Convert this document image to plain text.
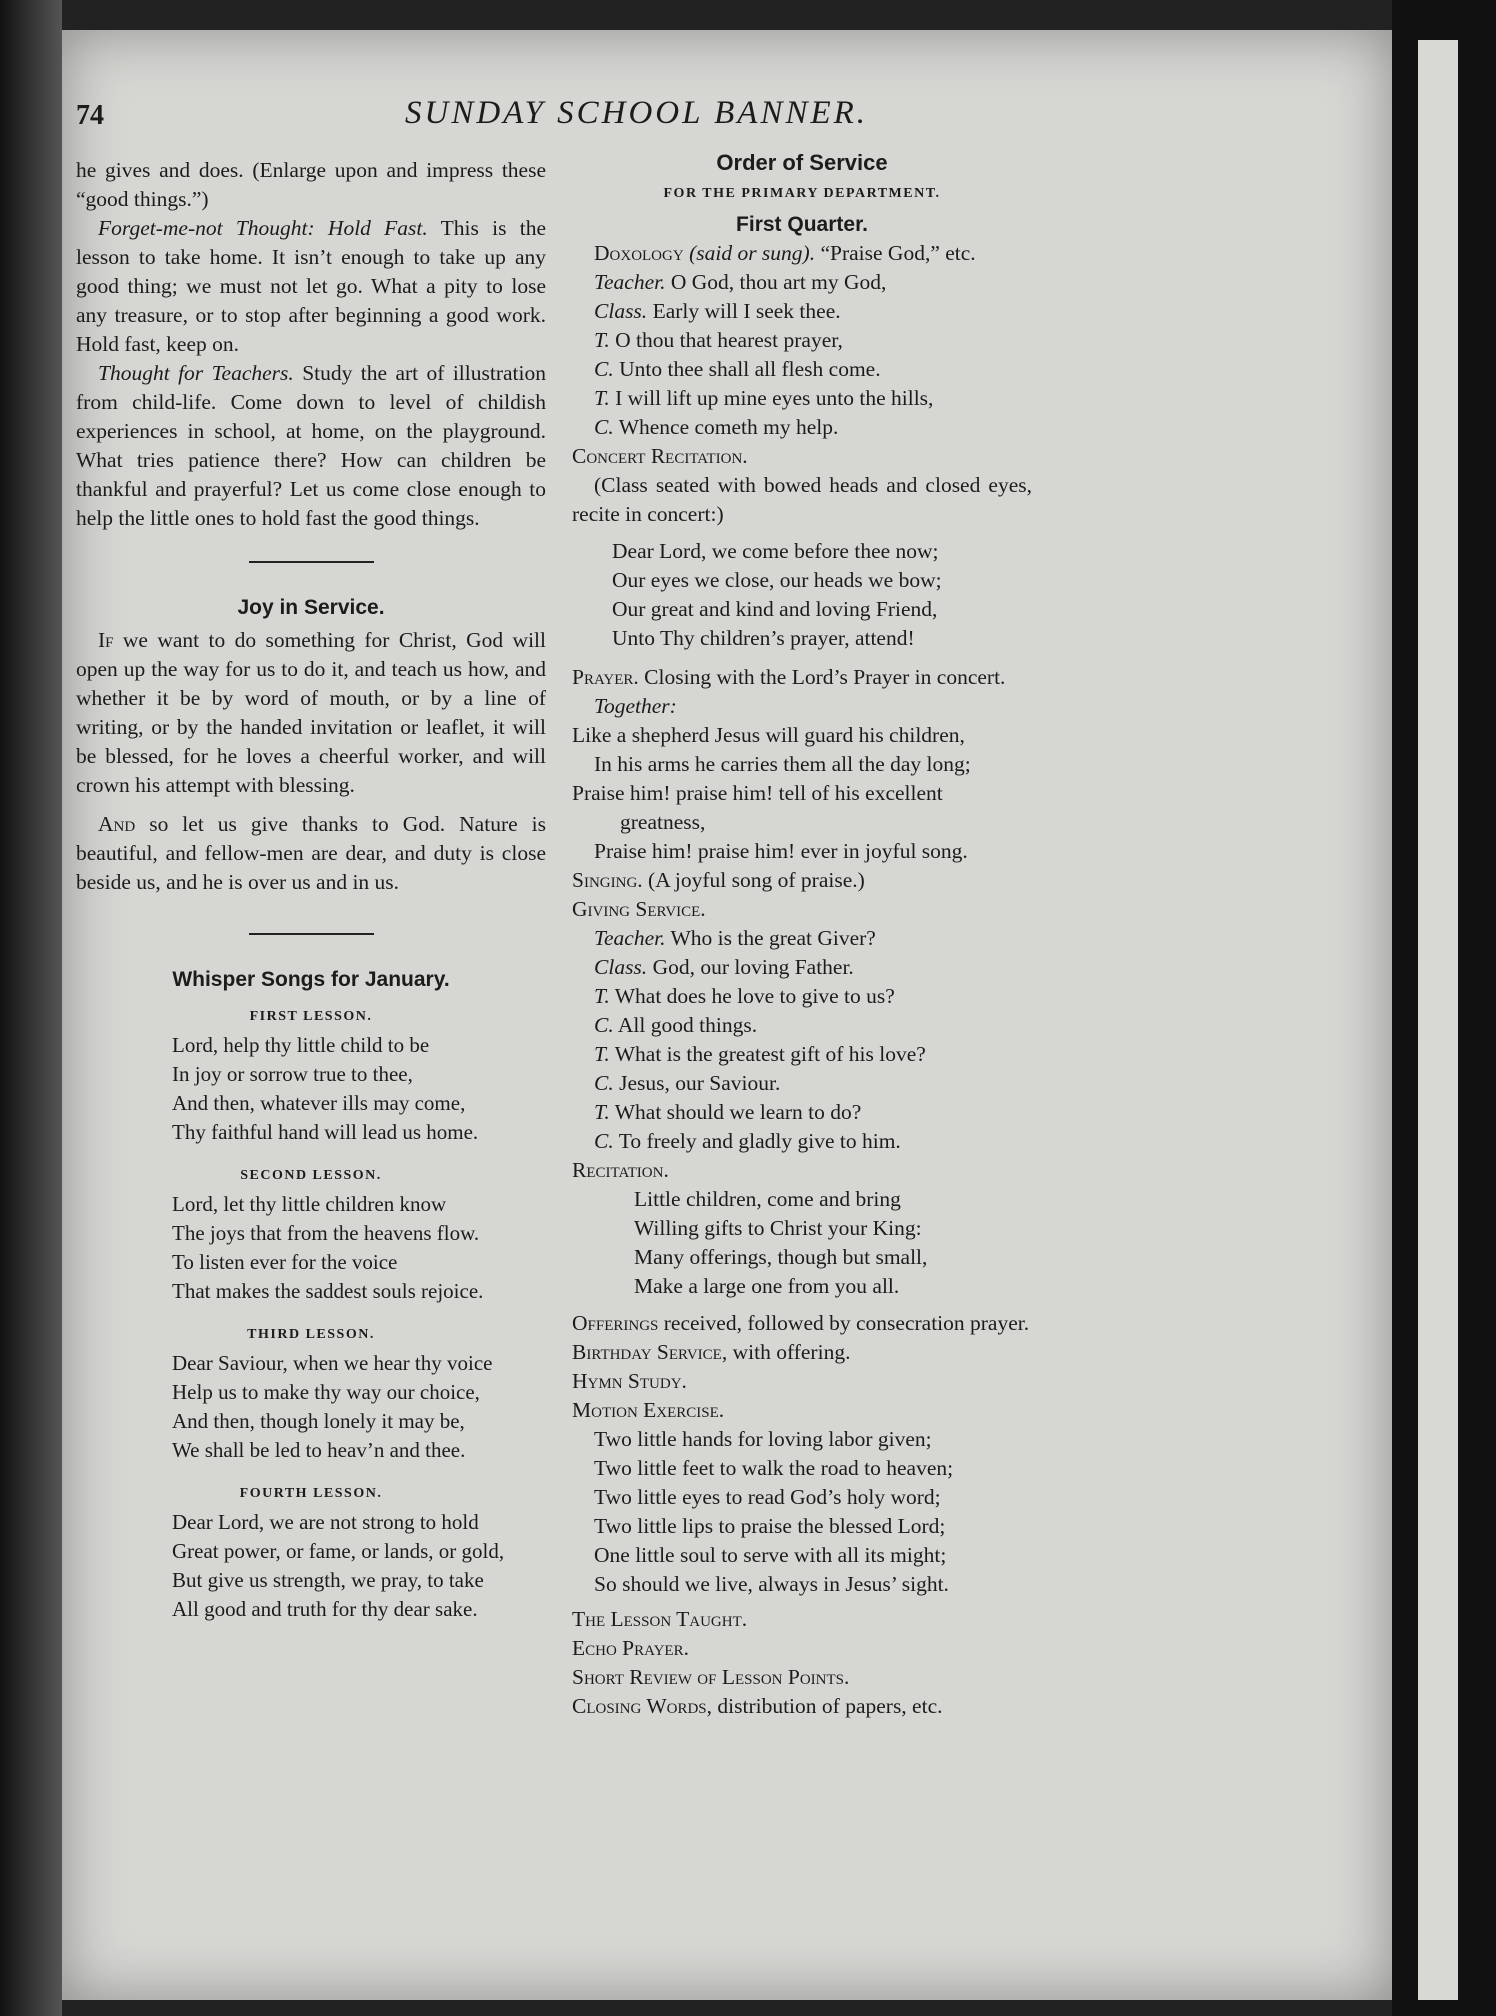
74	SUNDAY SCHOOL BANNER.

he gives and does. (Enlarge upon and impress these “good things.”)

Forget-me-not Thought: Hold Fast. This is the lesson to take home. It isn’t enough to take up any good thing; we must not let go. What a pity to lose any treasure, or to stop after beginning a good work. Hold fast, keep on.

Thought for Teachers. Study the art of illustration from child-life. Come down to level of childish experiences in school, at home, on the playground. What tries patience there? How can children be thankful and prayerful? Let us come close enough to help the little ones to hold fast the good things.

Joy in Service.

If we want to do something for Christ, God will open up the way for us to do it, and teach us how, and whether it be by word of mouth, or by a line of writing, or by the handed invitation or leaflet, it will be blessed, for he loves a cheerful worker, and will crown his attempt with blessing.

And so let us give thanks to God. Nature is beautiful, and fellow-men are dear, and duty is close beside us, and he is over us and in us.

Whisper Songs for January.
FIRST LESSON.
Lord, help thy little child to be
In joy or sorrow true to thee,
And then, whatever ills may come,
Thy faithful hand will lead us home.
SECOND LESSON.
Lord, let thy little children know
The joys that from the heavens flow.
To listen ever for the voice
That makes the saddest souls rejoice.
THIRD LESSON.
Dear Saviour, when we hear thy voice
Help us to make thy way our choice,
And then, though lonely it may be,
We shall be led to heav’n and thee.
FOURTH LESSON.
Dear Lord, we are not strong to hold
Great power, or fame, or lands, or gold,
But give us strength, we pray, to take
All good and truth for thy dear sake.
Order of Service
FOR THE PRIMARY DEPARTMENT.
First Quarter.
Doxology (said or sung). “Praise God,” etc.
Teacher. O God, thou art my God,
Class. Early will I seek thee.
T. O thou that hearest prayer,
C. Unto thee shall all flesh come.
T. I will lift up mine eyes unto the hills,
C. Whence cometh my help.
Concert Recitation.

(Class seated with bowed heads and closed eyes, recite in concert:)

Dear Lord, we come before thee now;
Our eyes we close, our heads we bow;
Our great and kind and loving Friend,
Unto Thy children’s prayer, attend!
Prayer. Closing with the Lord’s Prayer in concert.
Together:
Like a shepherd Jesus will guard his children,
In his arms he carries them all the day long;
Praise him! praise him! tell of his excellent
greatness,
Praise him! praise him! ever in joyful song.
Singing. (A joyful song of praise.)
Giving Service.
Teacher. Who is the great Giver?
Class. God, our loving Father.
T. What does he love to give to us?
C. All good things.
T. What is the greatest gift of his love?
C. Jesus, our Saviour.
T. What should we learn to do?
C. To freely and gladly give to him.
Recitation.
Little children, come and bring
Willing gifts to Christ your King:
Many offerings, though but small,
Make a large one from you all.
Offerings received, followed by consecration prayer.
Birthday Service, with offering.
Hymn Study.
Motion Exercise.
Two little hands for loving labor given;
Two little feet to walk the road to heaven;
Two little eyes to read God’s holy word;
Two little lips to praise the blessed Lord;
One little soul to serve with all its might;
So should we live, always in Jesus’ sight.
The Lesson Taught.
Echo Prayer.
Short Review of Lesson Points.
Closing Words, distribution of papers, etc.
